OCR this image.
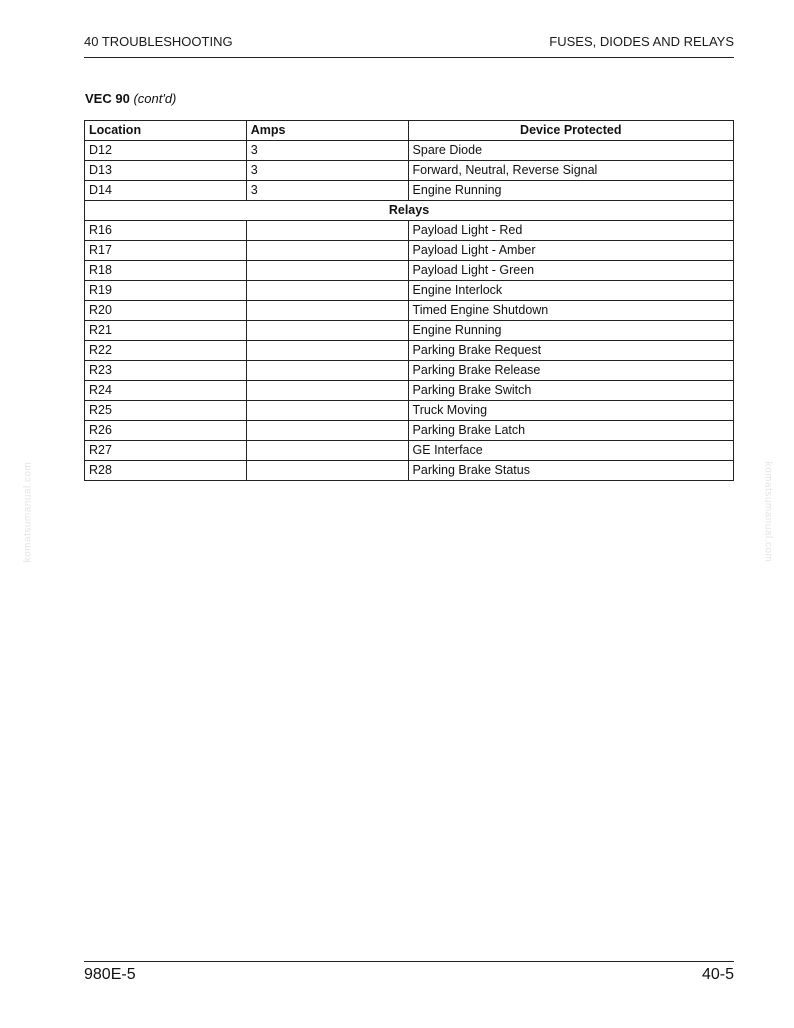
40 TROUBLESHOOTING	FUSES, DIODES AND RELAYS
VEC 90 (cont'd)
Location	Amps	Device Protected
D12	3	Spare Diode
D13	3	Forward, Neutral, Reverse Signal
D14	3	Engine Running
Relays		
R16		Payload Light - Red
R17		Payload Light - Amber
R18		Payload Light - Green
R19		Engine Interlock
R20		Timed Engine Shutdown
R21		Engine Running
R22		Parking Brake Request
R23		Parking Brake Release
R24		Parking Brake Switch
R25		Truck Moving
R26		Parking Brake Latch
R27		GE Interface
R28		Parking Brake Status
komatsumanual.com	komatsumanual.com
980E-5	40-5
